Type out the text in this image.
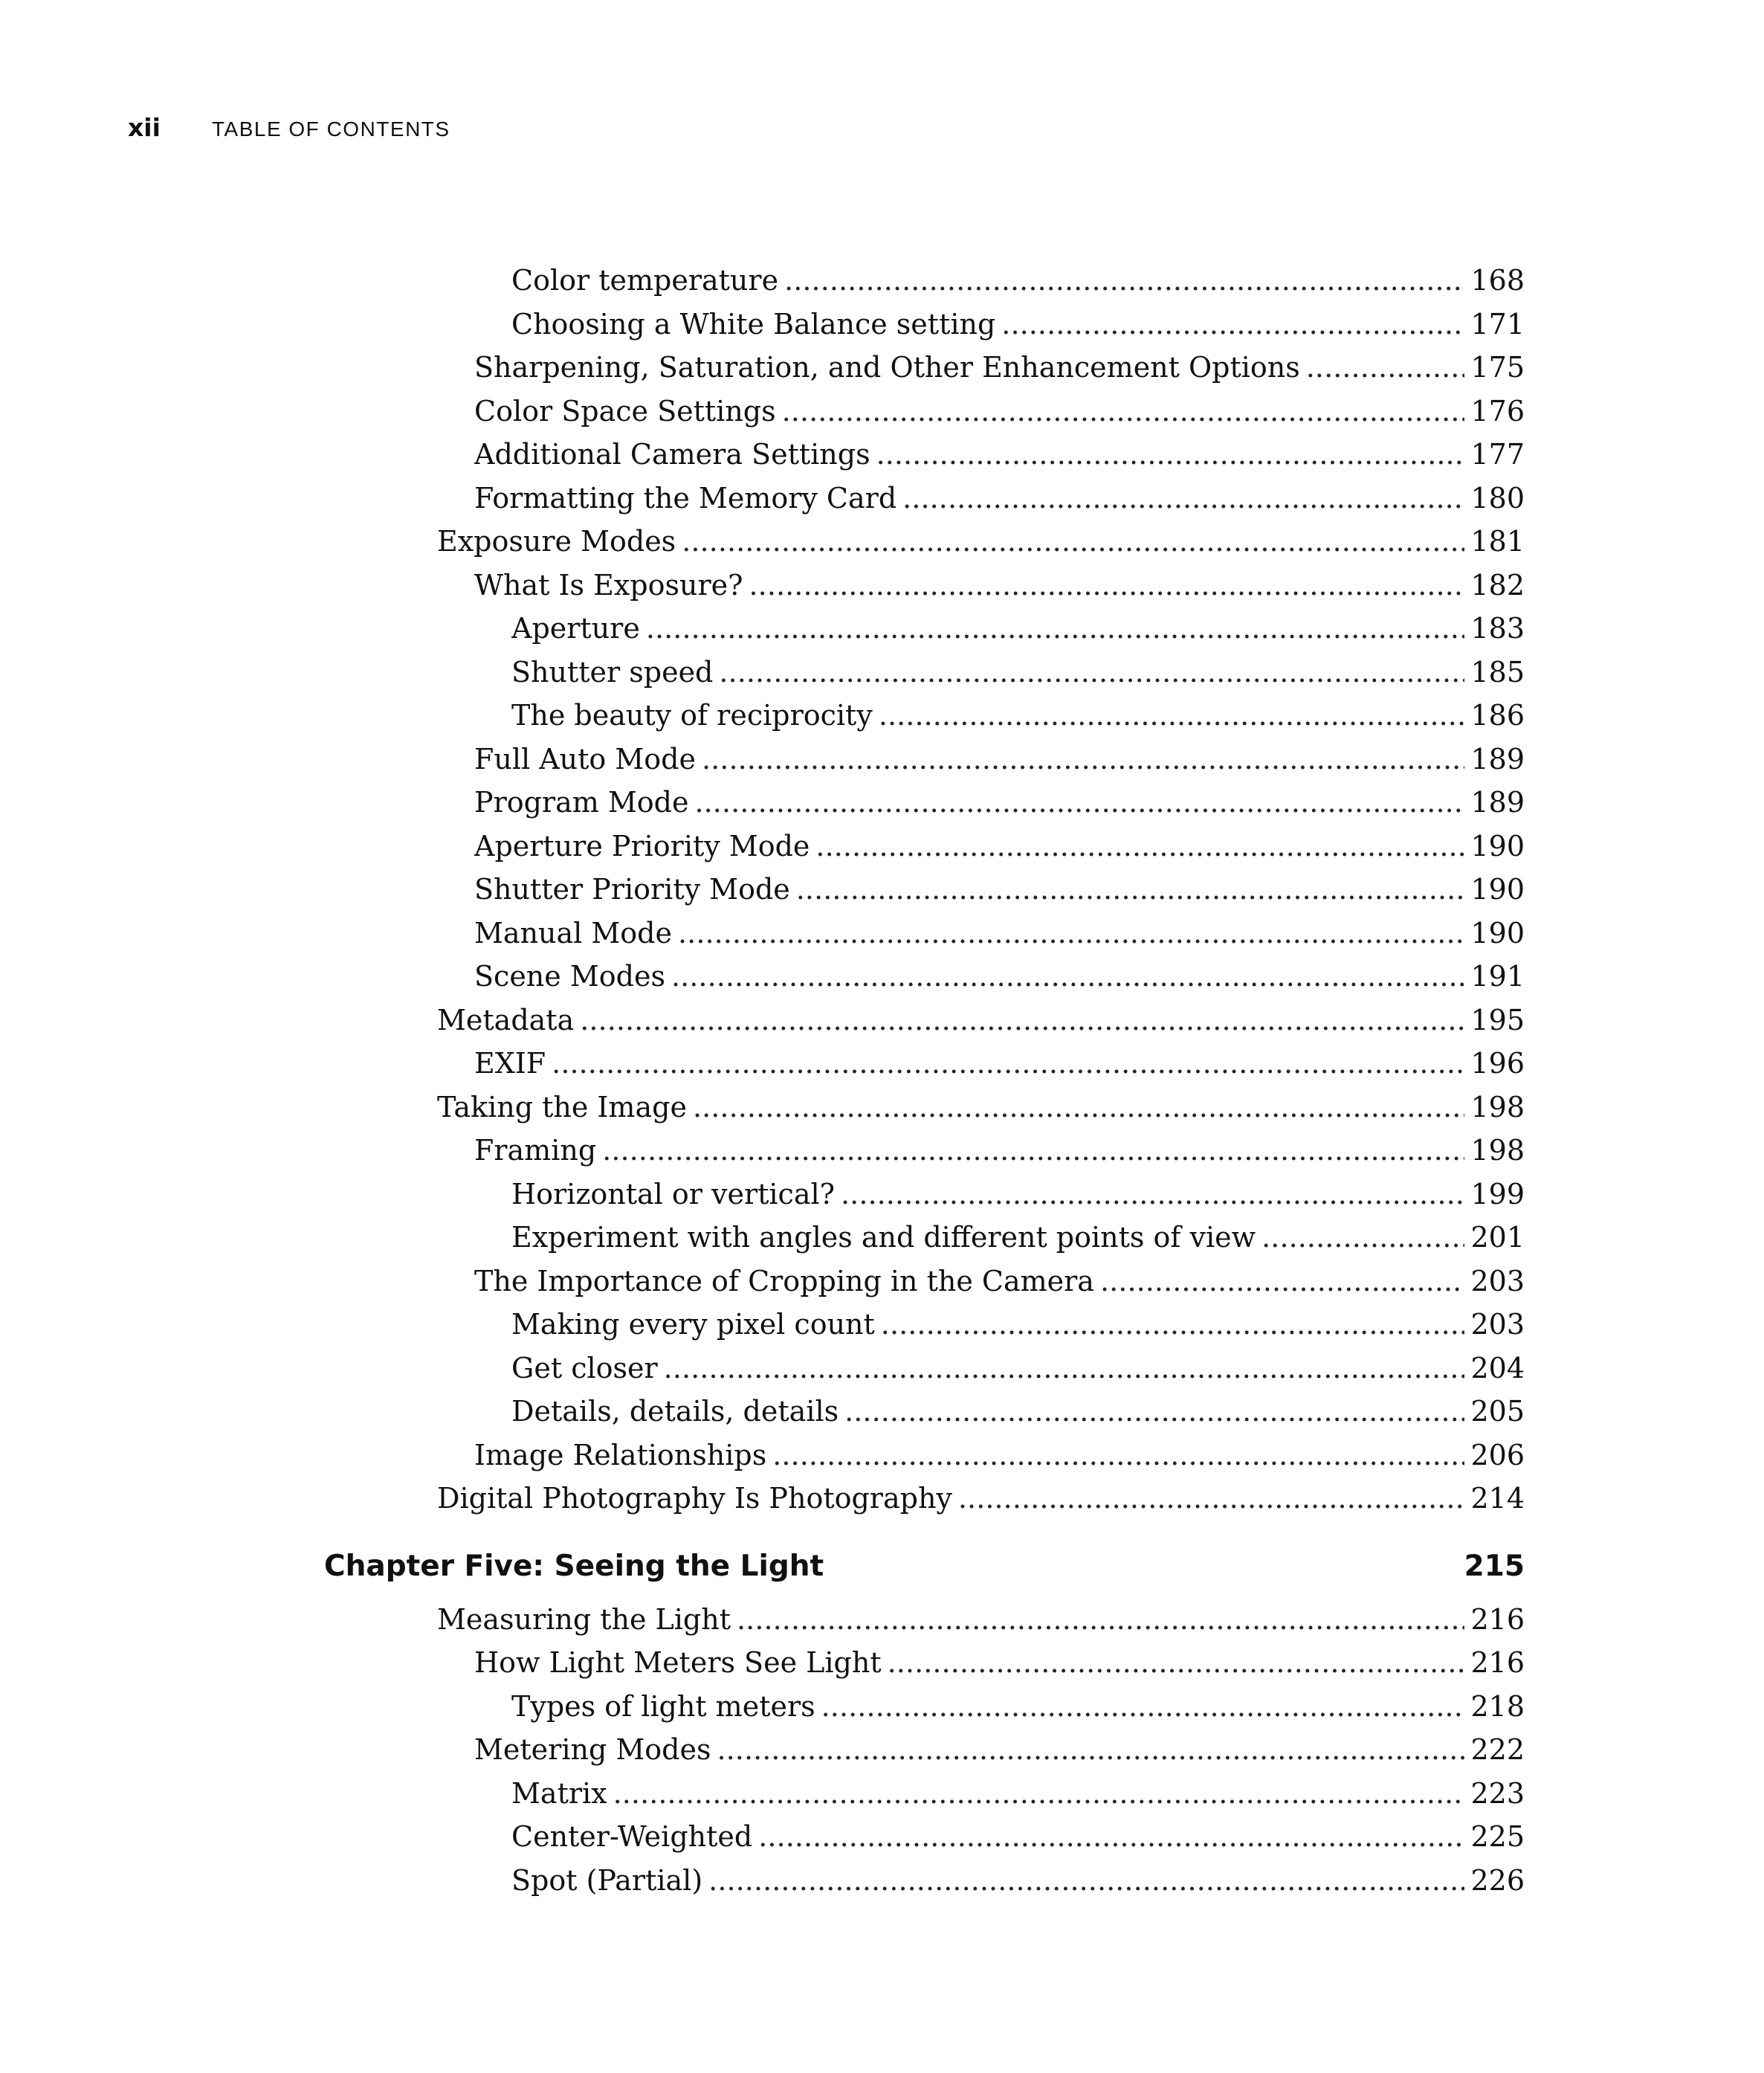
xii	TABLE OF CONTENTS
Color temperature . . .	168
Choosing a White Balance setting . . .	171
Sharpening, Saturation, and Other Enhancement Options . . .	175
Color Space Settings . . .	176
Additional Camera Settings . . .	177
Formatting the Memory Card . . .	180
Exposure Modes . . .	181
What Is Exposure? . . .	182
Aperture . . .	183
Shutter speed . . .	185
The beauty of reciprocity . . .	186
Full Auto Mode . . .	189
Program Mode . . .	189
Aperture Priority Mode . . .	190
Shutter Priority Mode . . .	190
Manual Mode . . .	190
Scene Modes . . .	191
Metadata . . .	195
EXIF . . .	196
Taking the Image . . .	198
Framing . . .	198
Horizontal or vertical? . . .	199
Experiment with angles and different points of view . . .	201
The Importance of Cropping in the Camera . . .	203
Making every pixel count . . .	203
Get closer . . .	204
Details, details, details . . .	205
Image Relationships . . .	206
Digital Photography Is Photography . . .	214
Chapter Five: Seeing the Light	215
Measuring the Light . . .	216
How Light Meters See Light . . .	216
Types of light meters . . .	218
Metering Modes . . .	222
Matrix . . .	223
Center-Weighted . . .	225
Spot (Partial) . . .	226
